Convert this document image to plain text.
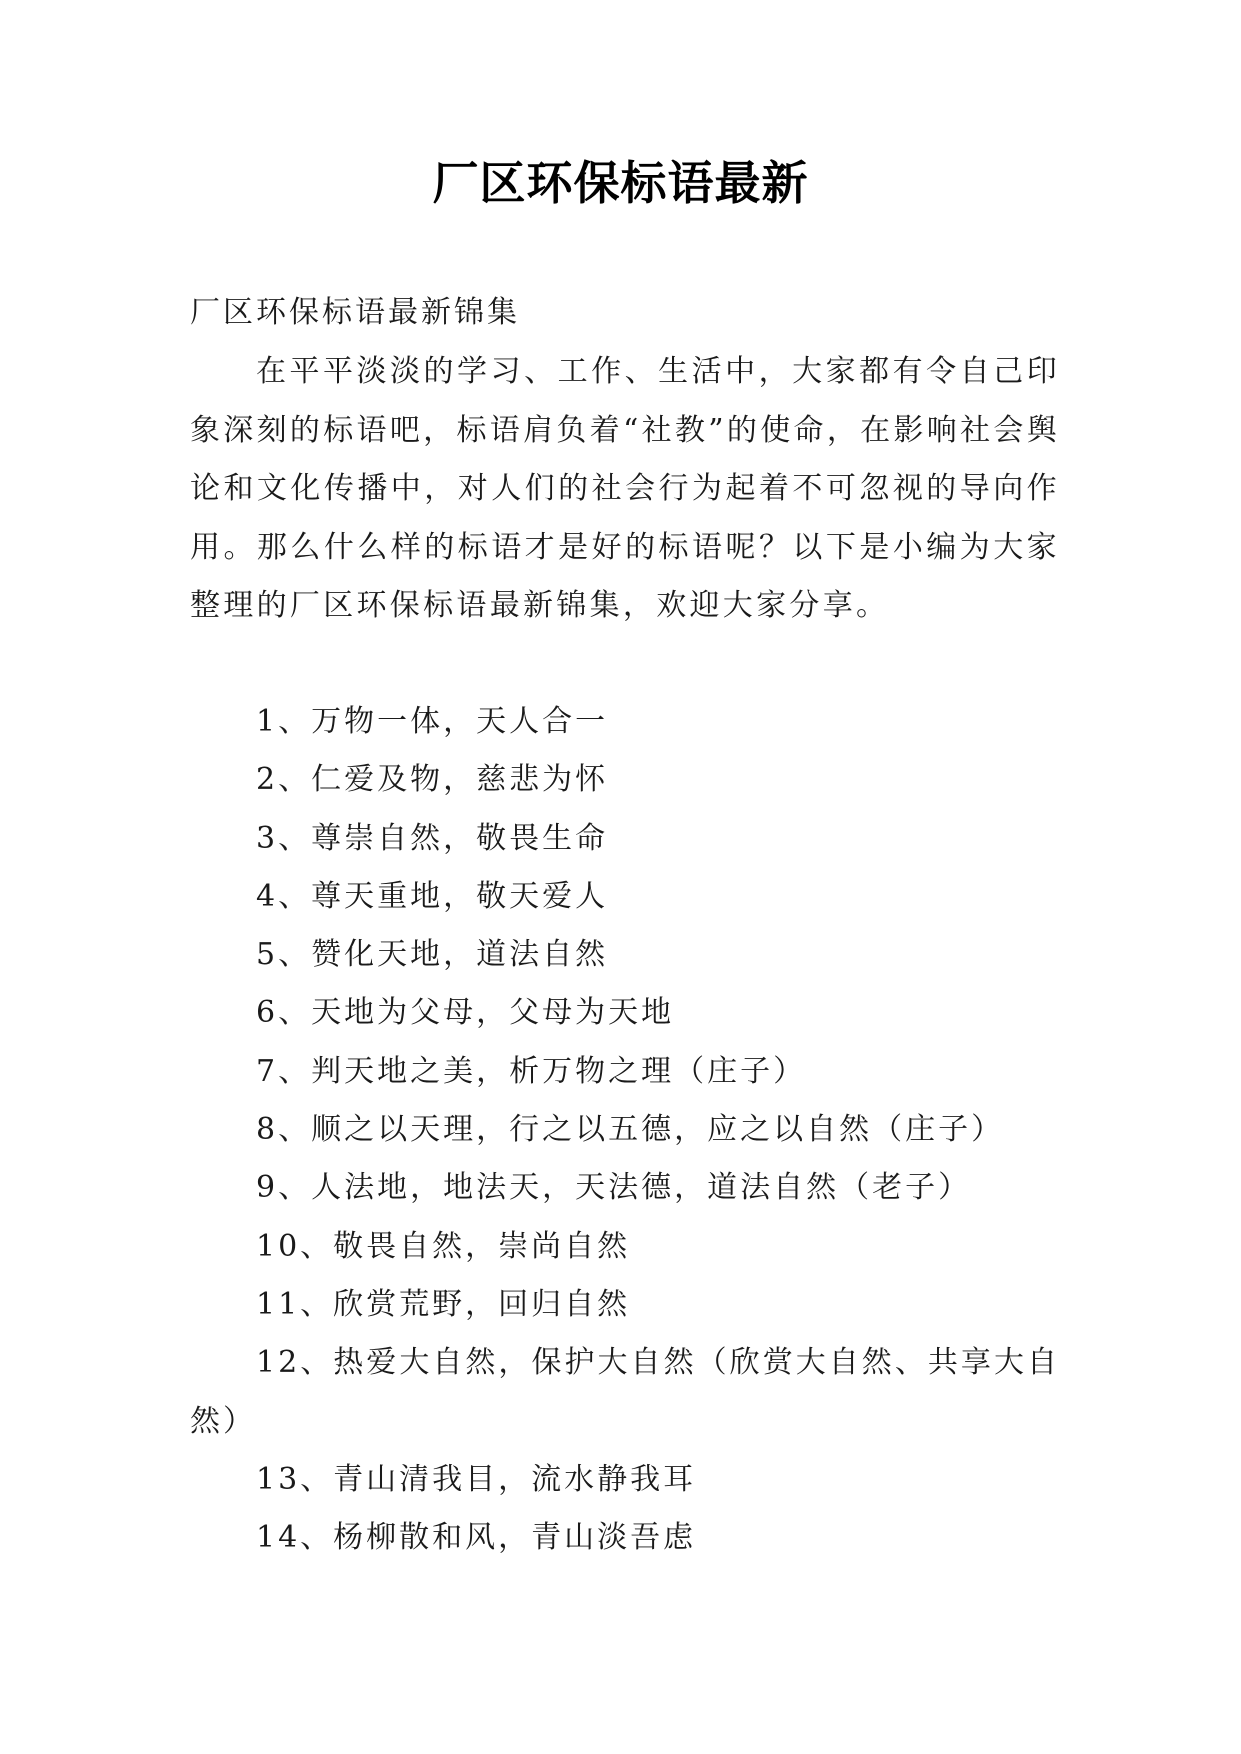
厂区环保标语最新
厂区环保标语最新锦集

在平平淡淡的学习、工作、生活中，大家都有令自己印象深刻的标语吧，标语肩负着“社教”的使命，在影响社会舆论和文化传播中，对人们的社会行为起着不可忽视的导向作用。那么什么样的标语才是好的标语呢？以下是小编为大家整理的厂区环保标语最新锦集，欢迎大家分享。

1、万物一体，天人合一
2、仁爱及物，慈悲为怀
3、尊崇自然，敬畏生命
4、尊天重地，敬天爱人
5、赞化天地，道法自然
6、天地为父母，父母为天地
7、判天地之美，析万物之理（庄子）
8、顺之以天理，行之以五德，应之以自然（庄子）
9、人法地，地法天，天法德，道法自然（老子）
10、敬畏自然，崇尚自然
11、欣赏荒野，回归自然
12、热爱大自然，保护大自然（欣赏大自然、共享大自然）
13、青山清我目，流水静我耳
14、杨柳散和风，青山淡吾虑
